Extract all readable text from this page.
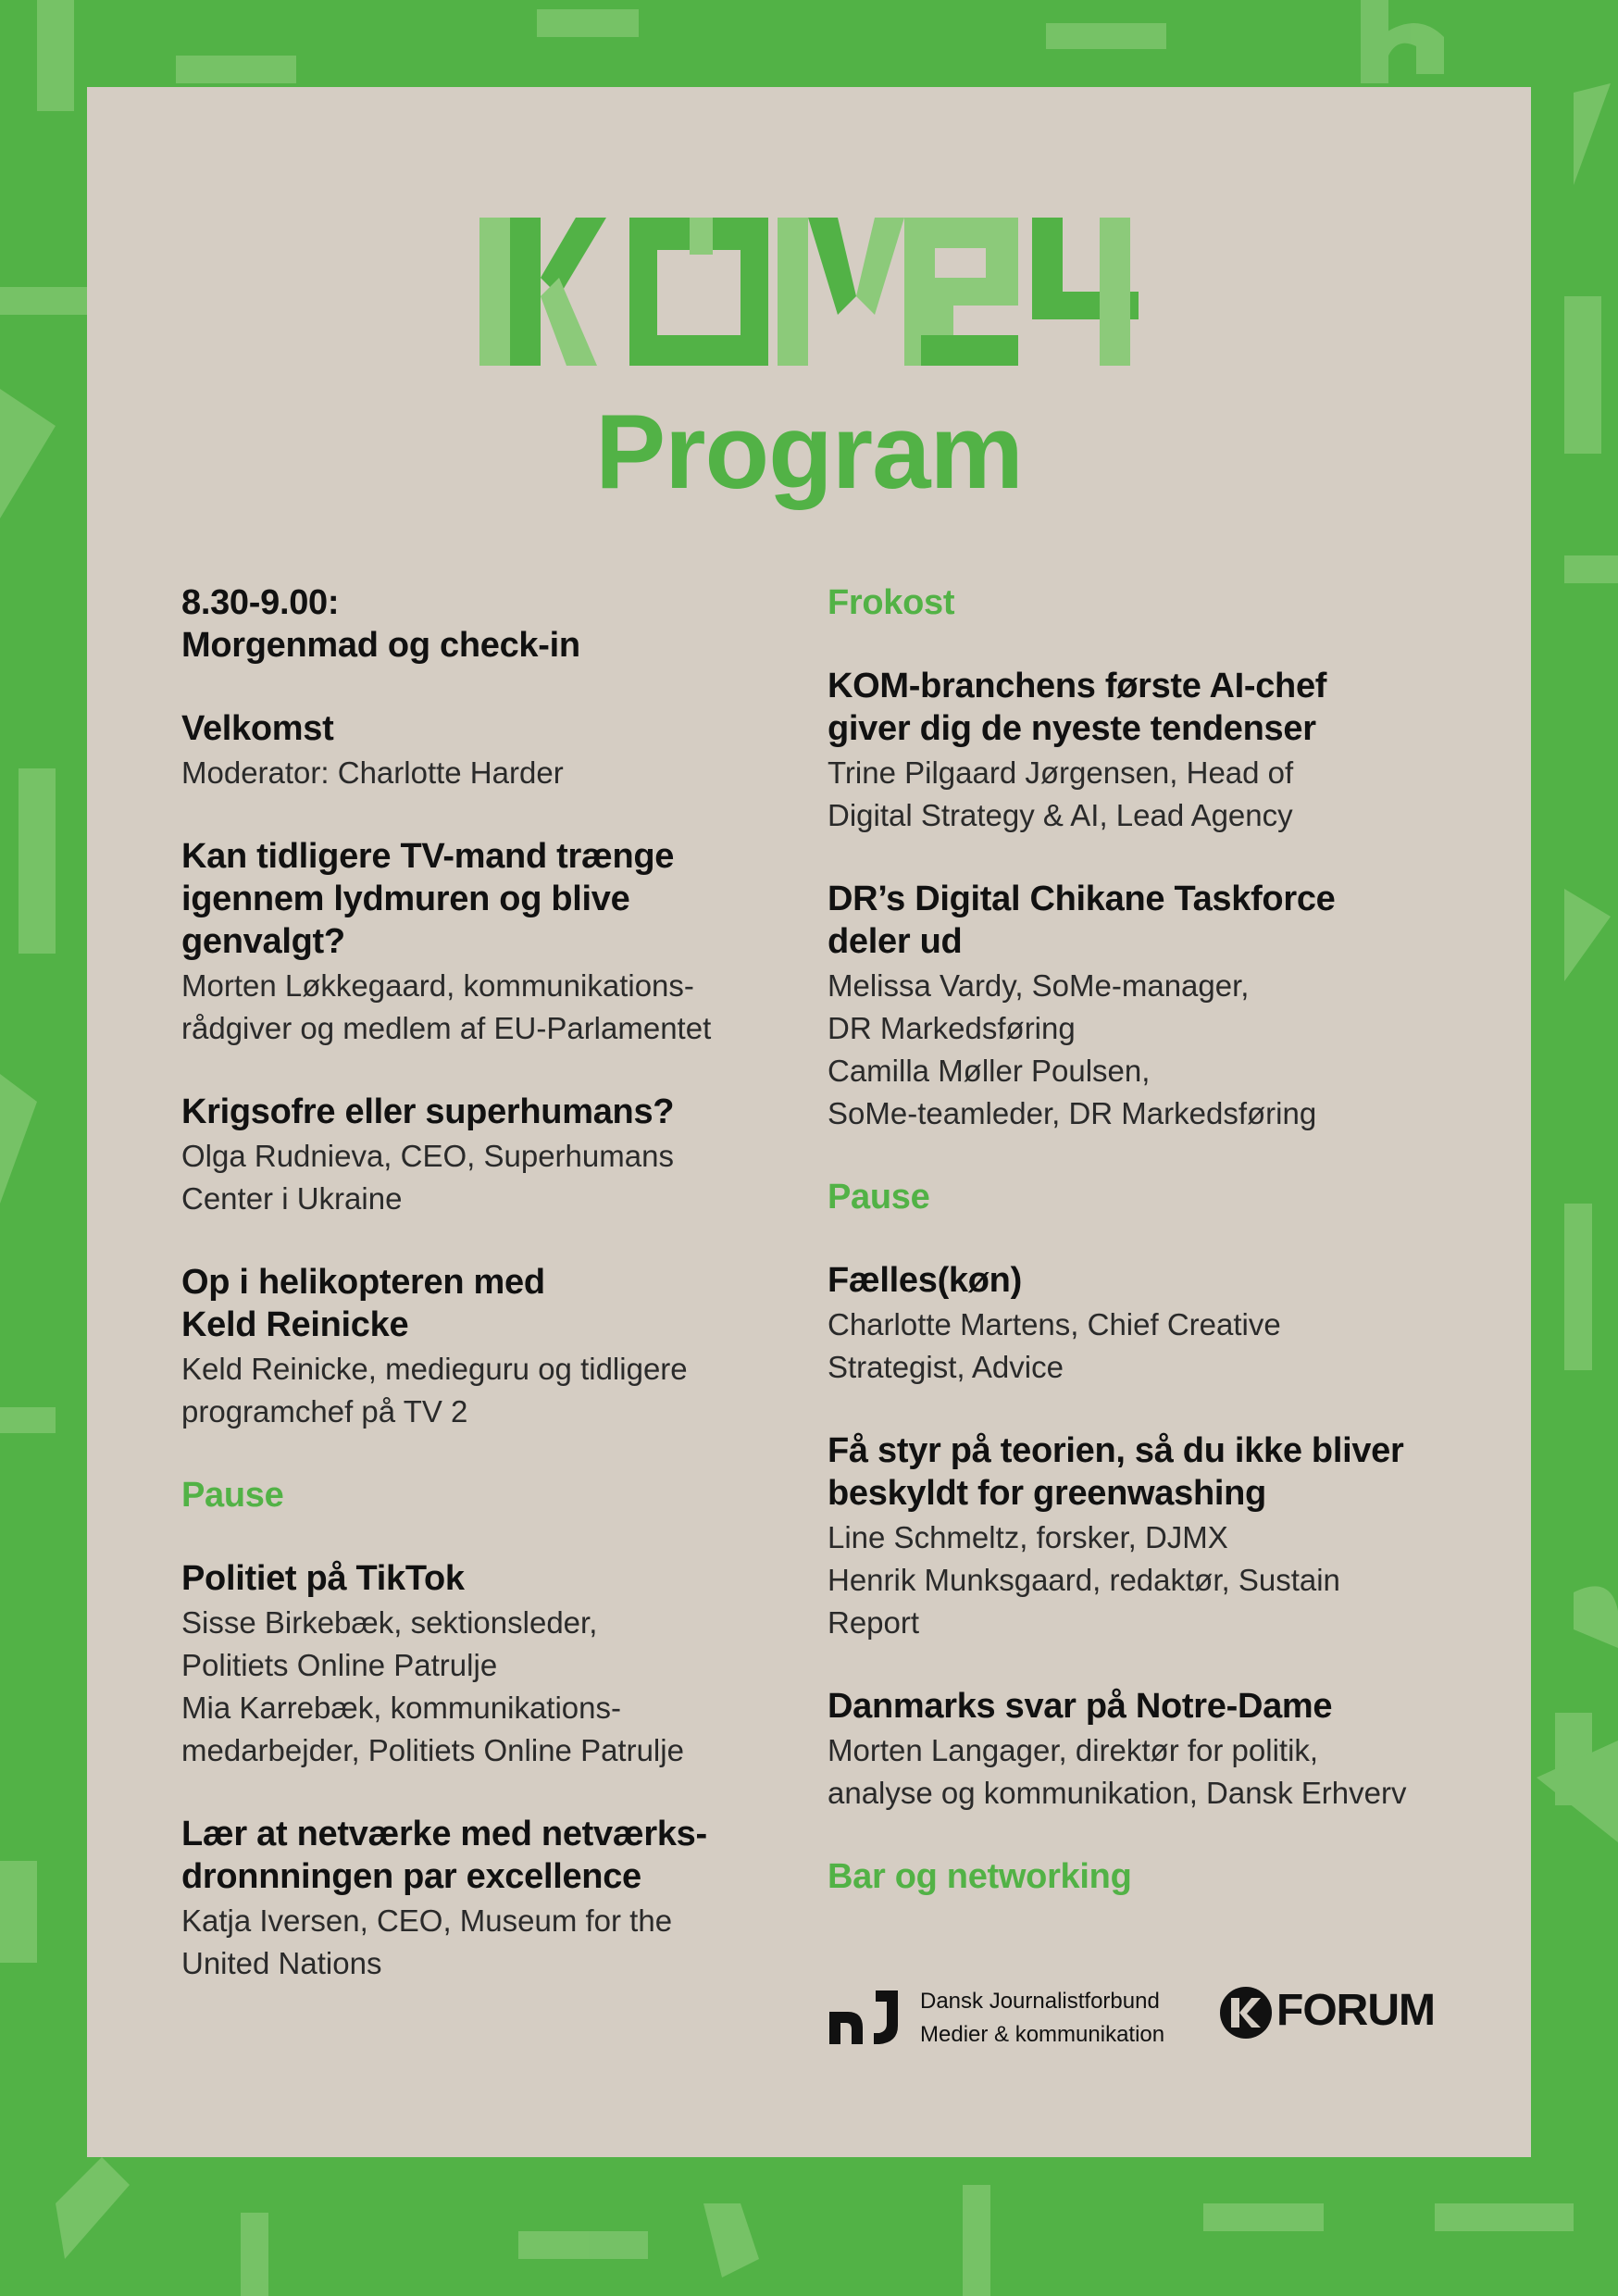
Program
8.30-9.00:
Morgenmad og check-in
Velkomst
Moderator: Charlotte Harder
Kan tidligere TV-mand trænge
igennem lydmuren og blive
genvalgt?
Morten Løkkegaard, kommunikations-
rådgiver og medlem af EU-Parlamentet
Krigsofre eller superhumans?
Olga Rudnieva, CEO, Superhumans
Center i Ukraine
Op i helikopteren med
Keld Reinicke
Keld Reinicke, medieguru og tidligere
programchef på TV 2
Pause
Politiet på TikTok
Sisse Birkebæk, sektionsleder,
Politiets Online Patrulje
Mia Karrebæk, kommunikations-
medarbejder, Politiets Online Patrulje
Lær at netværke med netværks-
dronnningen par excellence
Katja Iversen, CEO, Museum for the
United Nations
Frokost
KOM-branchens første AI-chef
giver dig de nyeste tendenser
Trine Pilgaard Jørgensen, Head of
Digital Strategy & AI, Lead Agency
DR’s Digital Chikane Taskforce
deler ud
Melissa Vardy, SoMe-manager,
DR Markedsføring
Camilla Møller Poulsen,
SoMe-teamleder, DR Markedsføring
Pause
Fælles(køn)
Charlotte Martens, Chief Creative
Strategist, Advice
Få styr på teorien, så du ikke bliver
beskyldt for greenwashing
Line Schmeltz, forsker, DJMX
Henrik Munksgaard, redaktør, Sustain
Report
Danmarks svar på Notre-Dame
Morten Langager, direktør for politik,
analyse og kommunikation, Dansk Erhverv
Bar og networking
Dansk Journalistforbund
Medier & kommunikation	FORUM
